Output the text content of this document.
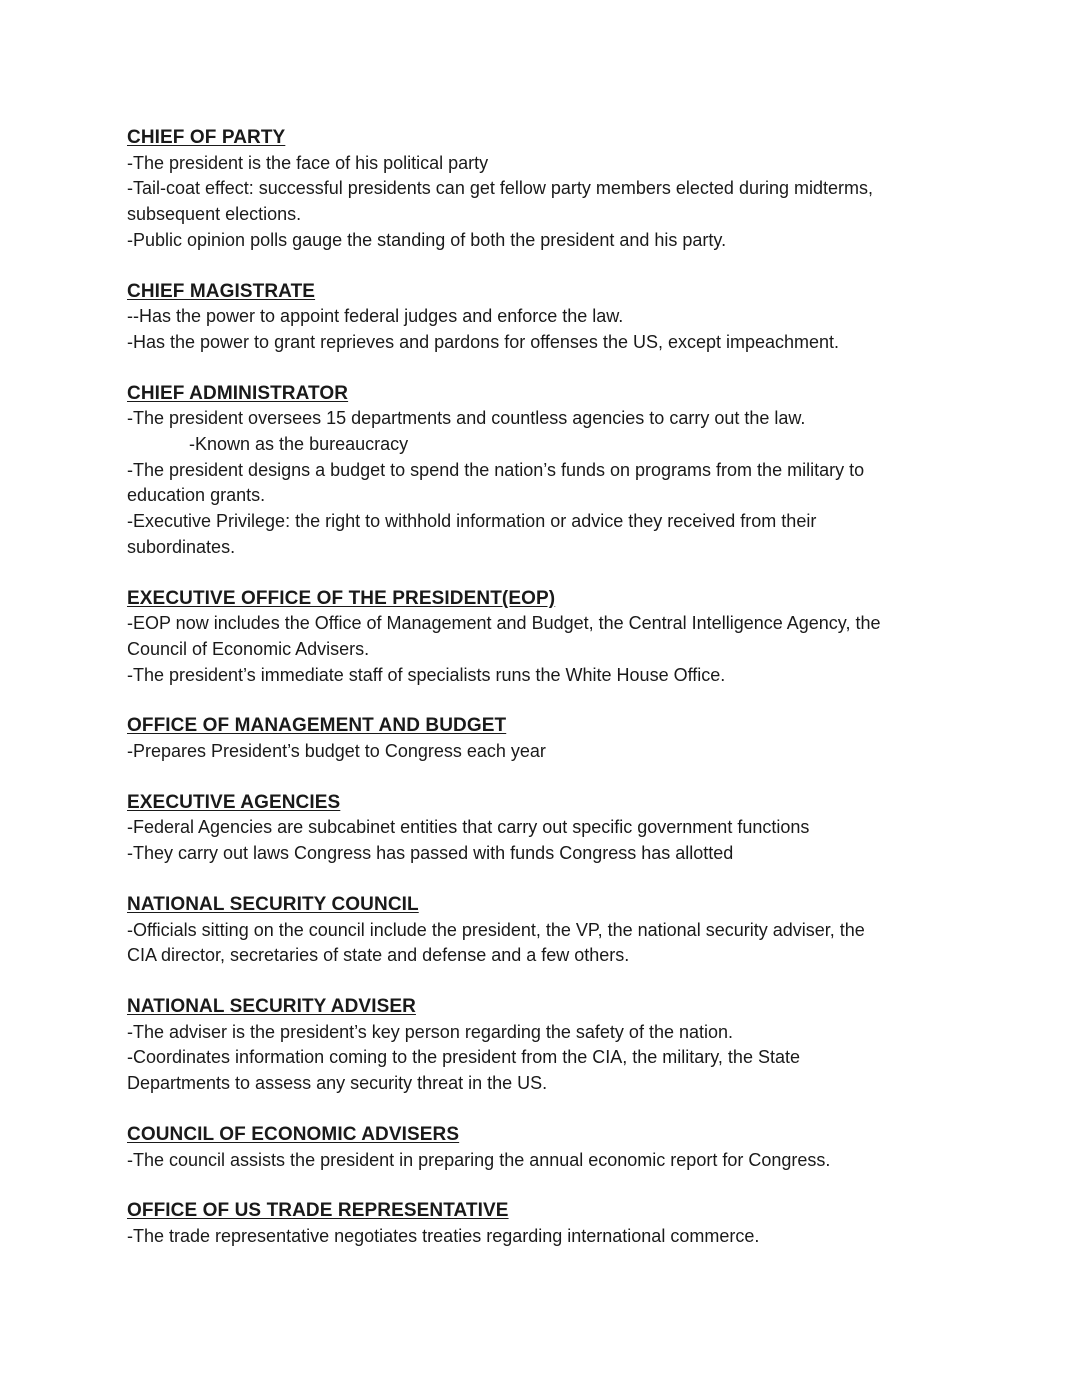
CHIEF OF PARTY
-The president is the face of his political party
-Tail-coat effect: successful presidents can get fellow party members elected during midterms,
subsequent elections.
-Public opinion polls gauge the standing of both the president and his party.
CHIEF MAGISTRATE
--Has the power to appoint federal judges and enforce the law.
-Has the power to grant reprieves and pardons for offenses the US, except impeachment.
CHIEF ADMINISTRATOR
-The president oversees 15 departments and countless agencies to carry out the law.
-Known as the bureaucracy
-The president designs a budget to spend the nation’s funds on programs from the military to
education grants.
-Executive Privilege: the right to withhold information or advice they received from their
subordinates.
EXECUTIVE OFFICE OF THE PRESIDENT(EOP)
-EOP now includes the Office of Management and Budget, the Central Intelligence Agency, the
Council of Economic Advisers.
-The president’s immediate staff of specialists runs the White House Office.
OFFICE OF MANAGEMENT AND BUDGET
-Prepares President’s budget to Congress each year
EXECUTIVE AGENCIES
-Federal Agencies are subcabinet entities that carry out specific government functions
-They carry out laws Congress has passed with funds Congress has allotted
NATIONAL SECURITY COUNCIL
-Officials sitting on the council include the president, the VP, the national security adviser, the
CIA director, secretaries of state and defense and a few others.
NATIONAL SECURITY ADVISER
-The adviser is the president’s key person regarding the safety of the nation.
-Coordinates information coming to the president from the CIA, the military, the State
Departments to assess any security threat in the US.
COUNCIL OF ECONOMIC ADVISERS
-The council assists the president in preparing the annual economic report for Congress.
OFFICE OF US TRADE REPRESENTATIVE
-The trade representative negotiates treaties regarding international commerce.
